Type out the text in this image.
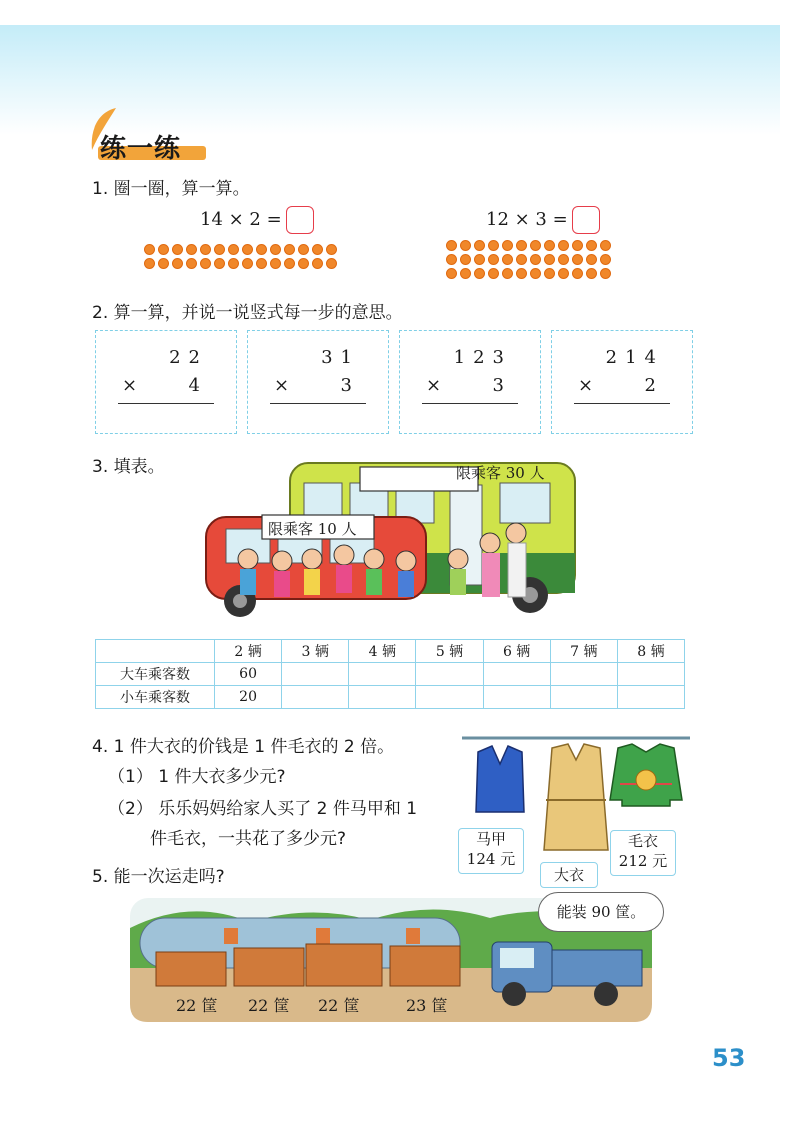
练一练
1. 圈一圈，算一算。
14 × 2 =	12 × 3 =
2. 算一算，并说一说竖式每一步的意思。
22
×	4
31
×	3
123
×	3
214
×	2
3. 填表。	限乘客 30 人
限乘客 10 人
	2 辆	3 辆	4 辆	5 辆	6 辆	7 辆	8 辆
大车乘客数	60						
小车乘客数	20						
4. 1 件大衣的价钱是 1 件毛衣的 2 倍。
（1） 1 件大衣多少元?
（2） 乐乐妈妈给家人买了 2 件马甲和 1
件毛衣，一共花了多少元?	马甲
124 元
大衣
毛衣
212 元
5. 能一次运走吗?
能装 90 筐。
22 筐 22 筐 22 筐	23 筐
53
